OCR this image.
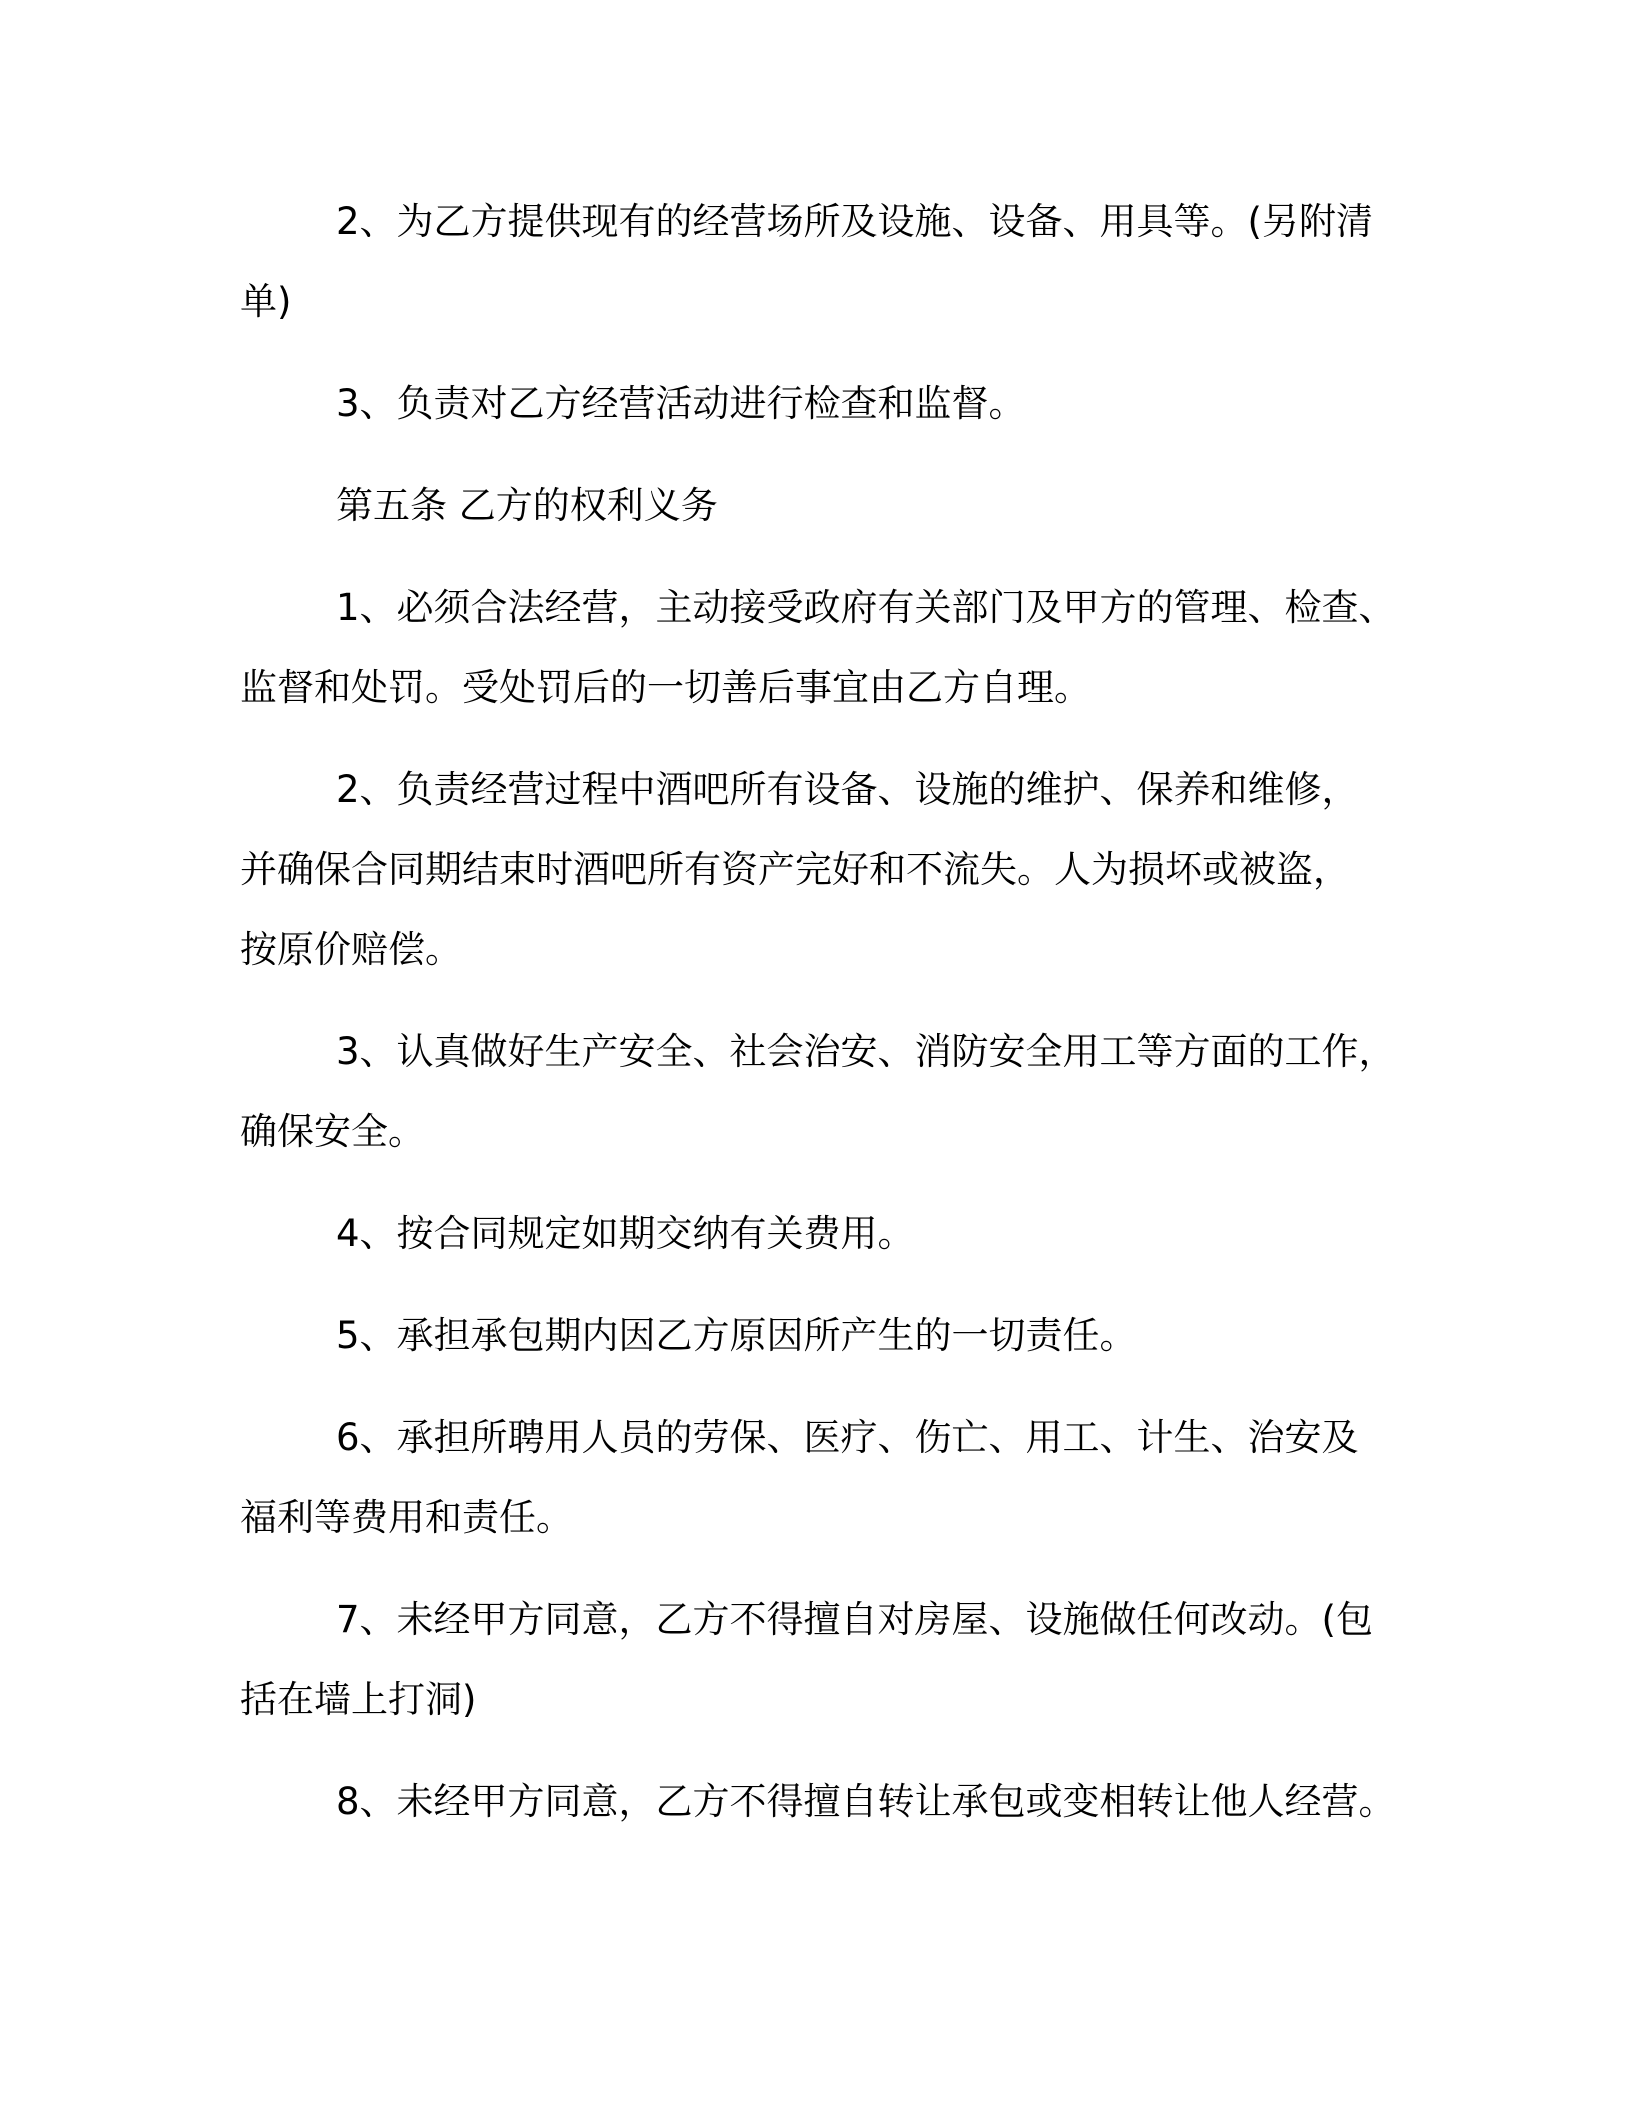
2、为乙方提供现有的经营场所及设施、设备、用具等。(另附清
单)

3、负责对乙方经营活动进行检查和监督。

第五条 乙方的权利义务

1、必须合法经营，主动接受政府有关部门及甲方的管理、检查、
监督和处罚。受处罚后的一切善后事宜由乙方自理。

2、负责经营过程中酒吧所有设备、设施的维护、保养和维修，
并确保合同期结束时酒吧所有资产完好和不流失。人为损坏或被盗，
按原价赔偿。

3、认真做好生产安全、社会治安、消防安全用工等方面的工作，
确保安全。

4、按合同规定如期交纳有关费用。

5、承担承包期内因乙方原因所产生的一切责任。

6、承担所聘用人员的劳保、医疗、伤亡、用工、计生、治安及
福利等费用和责任。

7、未经甲方同意，乙方不得擅自对房屋、设施做任何改动。(包
括在墙上打洞)

8、未经甲方同意，乙方不得擅自转让承包或变相转让他人经营。
